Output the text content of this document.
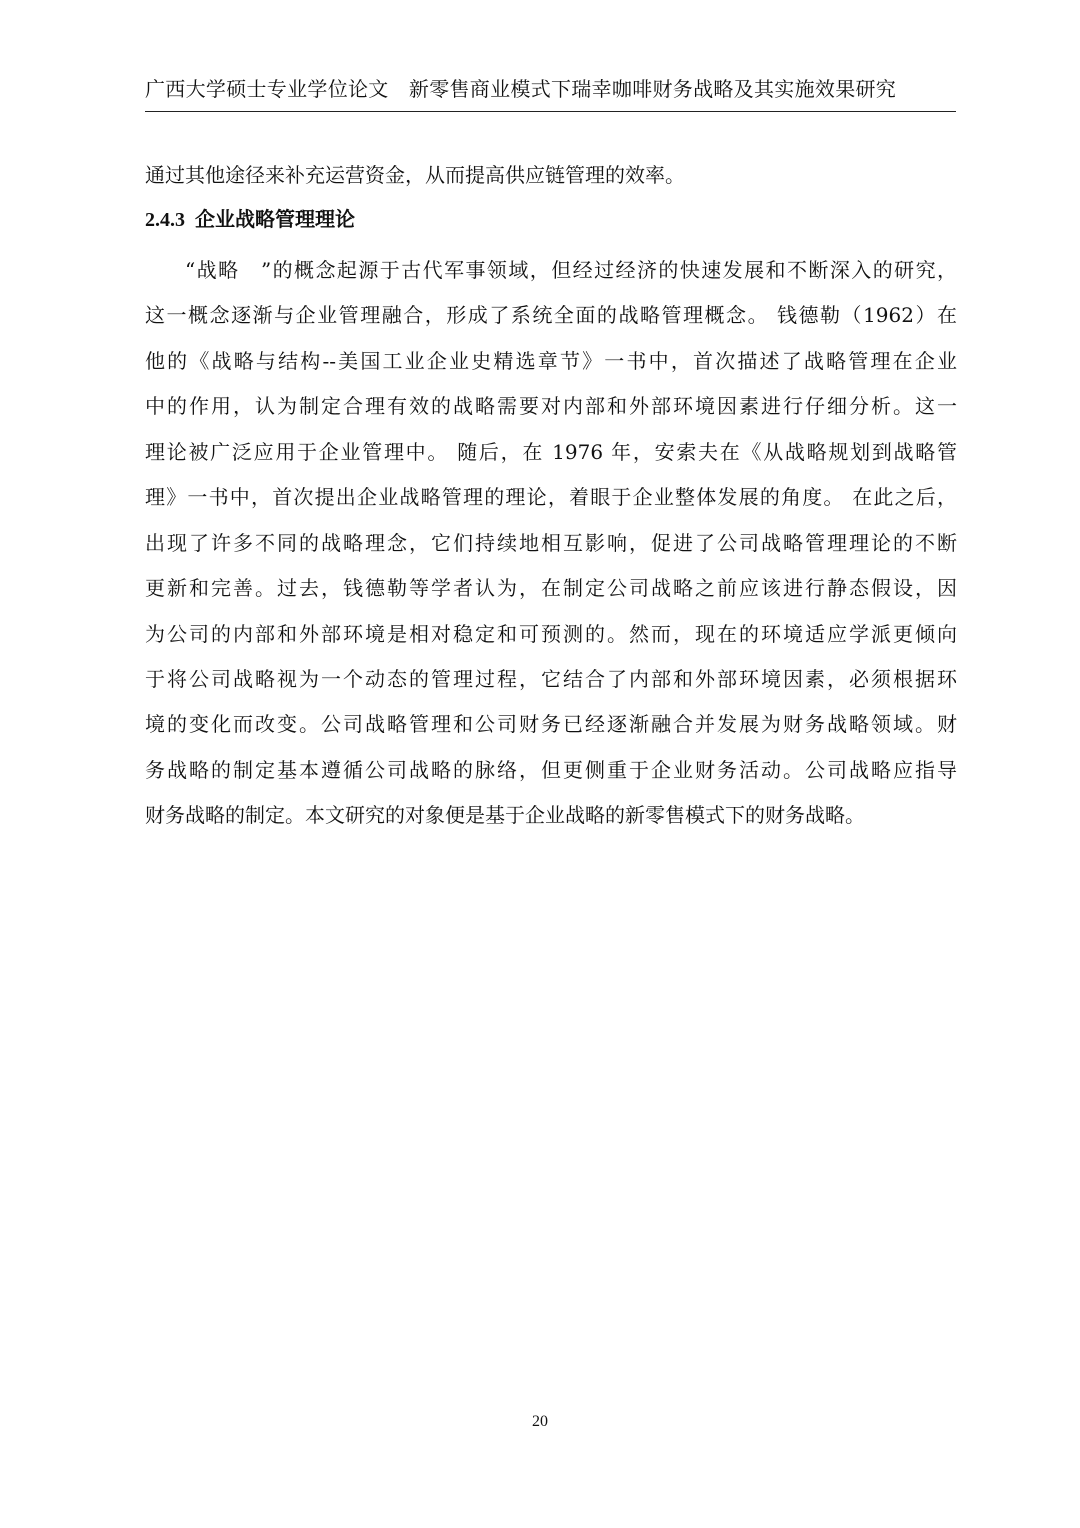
广西大学硕士专业学位论文　新零售商业模式下瑞幸咖啡财务战略及其实施效果研究
通过其他途径来补充运营资金，从而提高供应链管理的效率。
2.4.3 企业战略管理理论
“战略　”的概念起源于古代军事领域，但经过经济的快速发展和不断深入的研究，
这一概念逐渐与企业管理融合，形成了系统全面的战略管理概念。 钱德勒（1962）在
他的《战略与结构--美国工业企业史精选章节》一书中，首次描述了战略管理在企业
中的作用，认为制定合理有效的战略需要对内部和外部环境因素进行仔细分析。这一
理论被广泛应用于企业管理中。 随后，在 1976 年，安索夫在《从战略规划到战略管
理》一书中，首次提出企业战略管理的理论，着眼于企业整体发展的角度。 在此之后，
出现了许多不同的战略理念，它们持续地相互影响，促进了公司战略管理理论的不断
更新和完善。过去，钱德勒等学者认为，在制定公司战略之前应该进行静态假设，因
为公司的内部和外部环境是相对稳定和可预测的。然而，现在的环境适应学派更倾向
于将公司战略视为一个动态的管理过程，它结合了内部和外部环境因素，必须根据环
境的变化而改变。公司战略管理和公司财务已经逐渐融合并发展为财务战略领域。财
务战略的制定基本遵循公司战略的脉络，但更侧重于企业财务活动。公司战略应指导
财务战略的制定。本文研究的对象便是基于企业战略的新零售模式下的财务战略。
20
